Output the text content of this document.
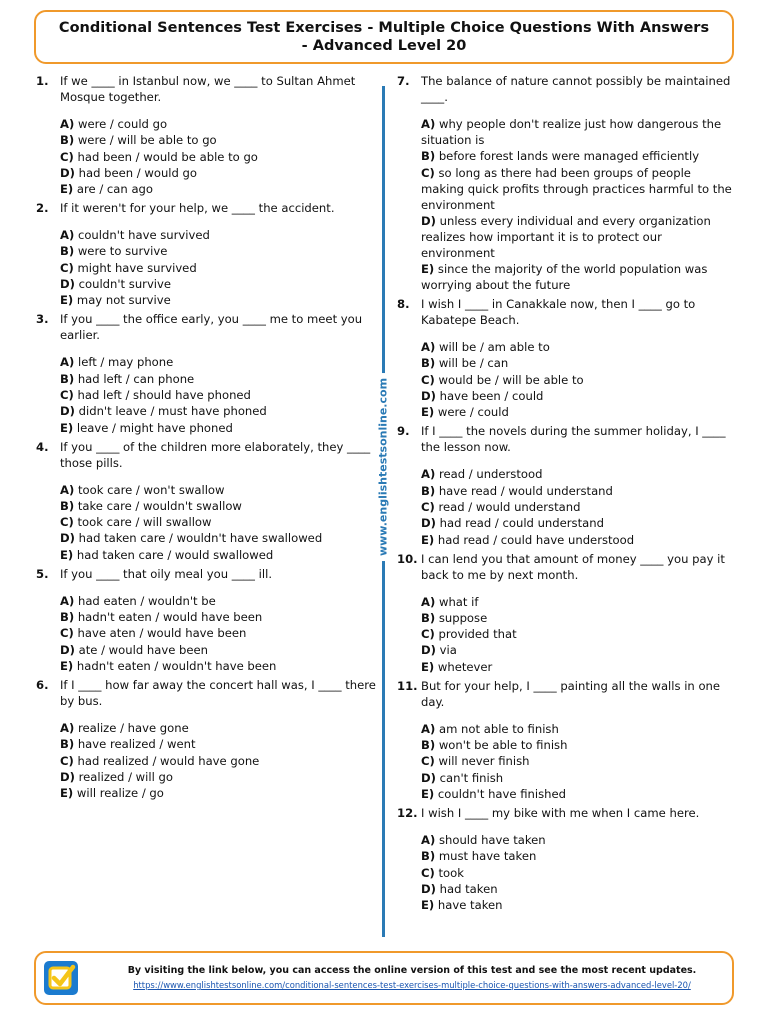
Conditional Sentences Test Exercises - Multiple Choice Questions With Answers - Advanced Level 20
1. If we ____ in Istanbul now, we ____ to Sultan Ahmet Mosque together.
A) were / could go
B) were / will be able to go
C) had been / would be able to go
D) had been / would go
E) are / can ago
2. If it weren't for your help, we ____ the accident.
A) couldn't have survived
B) were to survive
C) might have survived
D) couldn't survive
E) may not survive
3. If you ____ the office early, you ____ me to meet you earlier.
A) left / may phone
B) had left / can phone
C) had left / should have phoned
D) didn't leave / must have phoned
E) leave / might have phoned
4. If you ____ of the children more elaborately, they ____ those pills.
A) took care / won't swallow
B) take care / wouldn't swallow
C) took care / will swallow
D) had taken care / wouldn't have swallowed
E) had taken care / would swallowed
5. If you ____ that oily meal you ____ ill.
A) had eaten / wouldn't be
B) hadn't eaten / would have been
C) have aten / would have been
D) ate / would have been
E) hadn't eaten / wouldn't have been
6. If I ____ how far away the concert hall was, I ____ there by bus.
A) realize / have gone
B) have realized / went
C) had realized / would have gone
D) realized / will go
E) will realize / go
www.englishtestsonline.com
7. The balance of nature cannot possibly be maintained ____.
A) why people don't realize just how dangerous the situation is
B) before forest lands were managed efficiently
C) so long as there had been groups of people making quick profits through practices harmful to the environment
D) unless every individual and every organization realizes how important it is to protect our environment
E) since the majority of the world population was worrying about the future
8. I wish I ____ in Canakkale now, then I ____ go to Kabatepe Beach.
A) will be / am able to
B) will be / can
C) would be / will be able to
D) have been / could
E) were / could
9. If I ____ the novels during the summer holiday, I ____ the lesson now.
A) read / understood
B) have read / would understand
C) read / would understand
D) had read / could understand
E) had read / could have understood
10. I can lend you that amount of money ____ you pay it back to me by next month.
A) what if
B) suppose
C) provided that
D) via
E) whetever
11. But for your help, I ____ painting all the walls in one day.
A) am not able to finish
B) won't be able to finish
C) will never finish
D) can't finish
E) couldn't have finished
12. I wish I ____ my bike with me when I came here.
A) should have taken
B) must have taken
C) took
D) had taken
E) have taken
By visiting the link below, you can access the online version of this test and see the most recent updates.
https://www.englishtestsonline.com/conditional-sentences-test-exercises-multiple-choice-questions-with-answers-advanced-level-20/
